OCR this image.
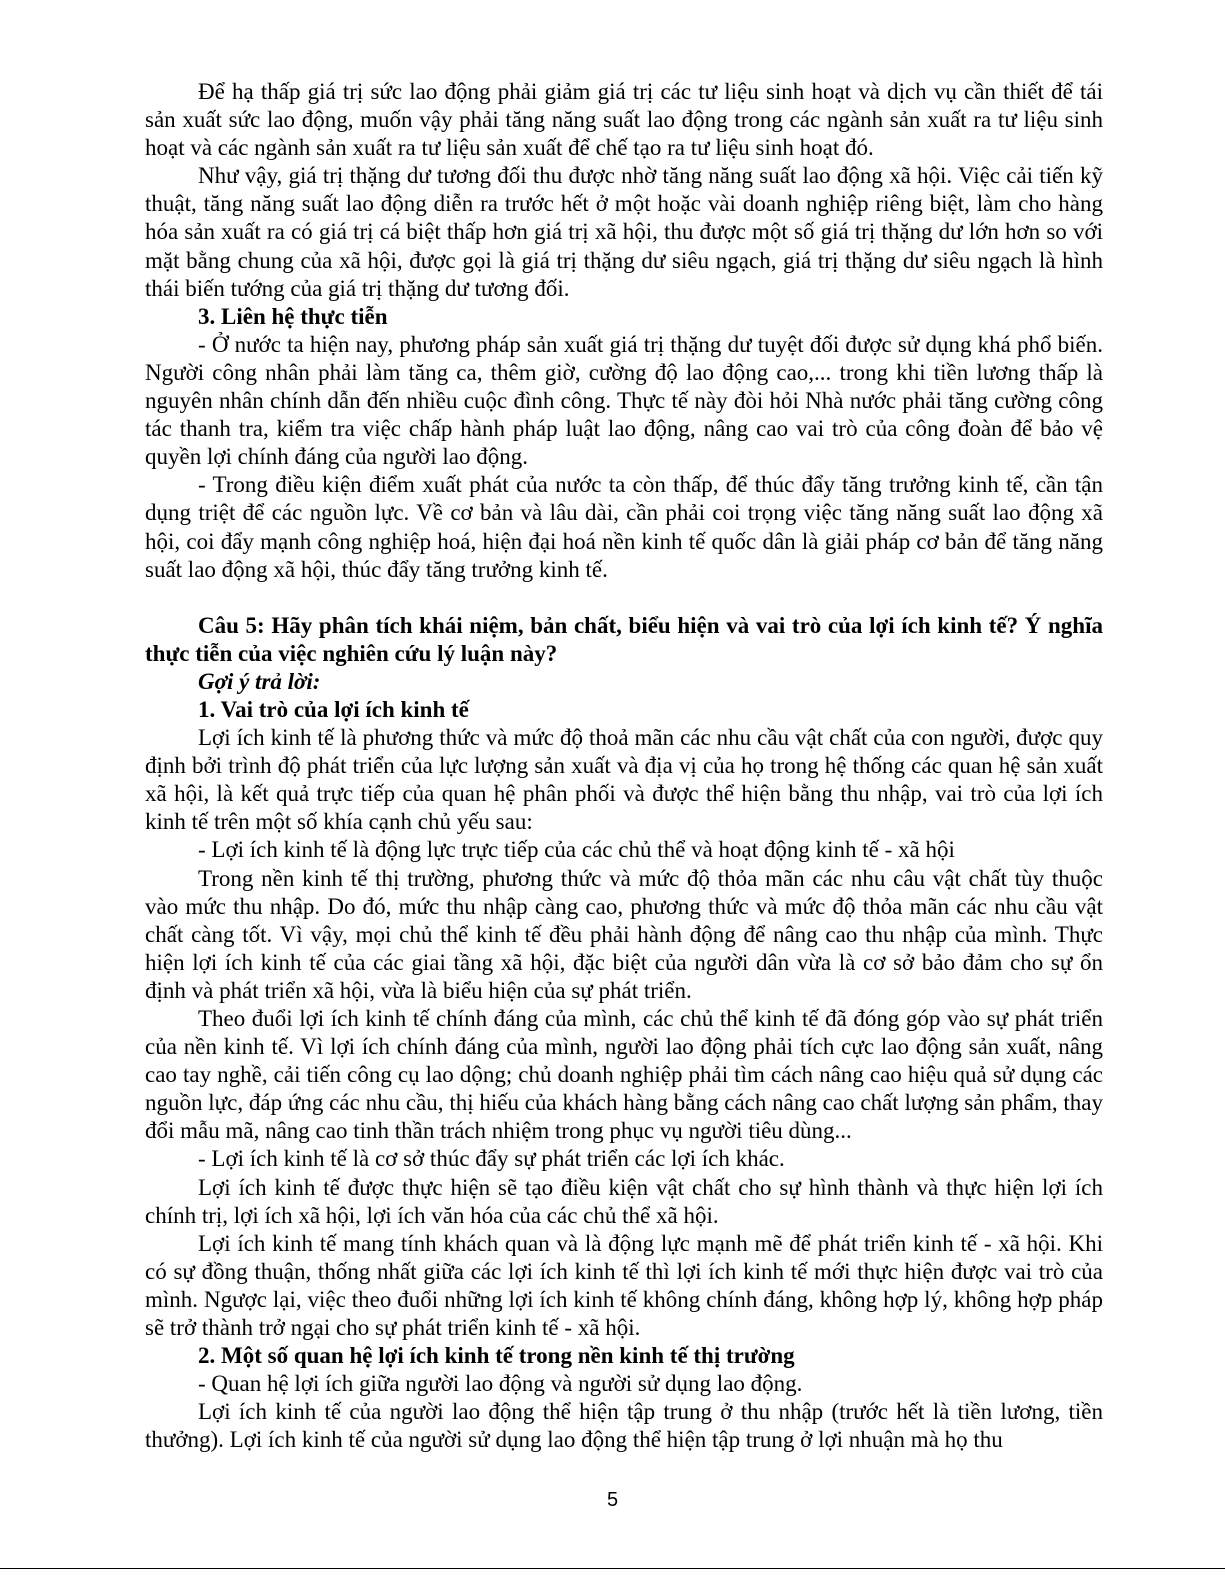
Để hạ thấp giá trị sức lao động phải giảm giá trị các tư liệu sinh hoạt và dịch vụ cần thiết để tái sản xuất sức lao động, muốn vậy phải tăng năng suất lao động trong các ngành sản xuất ra tư liệu sinh hoạt và các ngành sản xuất ra tư liệu sản xuất để chế tạo ra tư liệu sinh hoạt đó.

Như vậy, giá trị thặng dư tương đối thu được nhờ tăng năng suất lao động xã hội. Việc cải tiến kỹ thuật, tăng năng suất lao động diễn ra trước hết ở một hoặc vài doanh nghiệp riêng biệt, làm cho hàng hóa sản xuất ra có giá trị cá biệt thấp hơn giá trị xã hội, thu được một số giá trị thặng dư lớn hơn so với mặt bằng chung của xã hội, được gọi là giá trị thặng dư siêu ngạch, giá trị thặng dư siêu ngạch là hình thái biến tướng của giá trị thặng dư tương đối.

3. Liên hệ thực tiễn

- Ở nước ta hiện nay, phương pháp sản xuất giá trị thặng dư tuyệt đối được sử dụng khá phổ biến. Người công nhân phải làm tăng ca, thêm giờ, cường độ lao động cao,... trong khi tiền lương thấp là nguyên nhân chính dẫn đến nhiều cuộc đình công. Thực tế này đòi hỏi Nhà nước phải tăng cường công tác thanh tra, kiểm tra việc chấp hành pháp luật lao động, nâng cao vai trò của công đoàn để bảo vệ quyền lợi chính đáng của người lao động.

- Trong điều kiện điểm xuất phát của nước ta còn thấp, để thúc đẩy tăng trưởng kinh tế, cần tận dụng triệt để các nguồn lực. Về cơ bản và lâu dài, cần phải coi trọng việc tăng năng suất lao động xã hội, coi đẩy mạnh công nghiệp hoá, hiện đại hoá nền kinh tế quốc dân là giải pháp cơ bản để tăng năng suất lao động xã hội, thúc đẩy tăng trưởng kinh tế.

Câu 5: Hãy phân tích khái niệm, bản chất, biểu hiện và vai trò của lợi ích kinh tế? Ý nghĩa thực tiễn của việc nghiên cứu lý luận này?

Gợi ý trả lời:

1. Vai trò của lợi ích kinh tế

Lợi ích kinh tế là phương thức và mức độ thoả mãn các nhu cầu vật chất của con người, được quy định bởi trình độ phát triển của lực lượng sản xuất và địa vị của họ trong hệ thống các quan hệ sản xuất xã hội, là kết quả trực tiếp của quan hệ phân phối và được thể hiện bằng thu nhập, vai trò của lợi ích kinh tế trên một số khía cạnh chủ yếu sau:

- Lợi ích kinh tế là động lực trực tiếp của các chủ thể và hoạt động kinh tế - xã hội

Trong nền kinh tế thị trường, phương thức và mức độ thỏa mãn các nhu câu vật chất tùy thuộc vào mức thu nhập. Do đó, mức thu nhập càng cao, phương thức và mức độ thỏa mãn các nhu cầu vật chất càng tốt. Vì vậy, mọi chủ thể kinh tế đều phải hành động để nâng cao thu nhập của mình. Thực hiện lợi ích kinh tế của các giai tầng xã hội, đặc biệt của người dân vừa là cơ sở bảo đảm cho sự ổn định và phát triển xã hội, vừa là biểu hiện của sự phát triển.

Theo đuổi lợi ích kinh tế chính đáng của mình, các chủ thể kinh tế đã đóng góp vào sự phát triển của nền kinh tế. Vì lợi ích chính đáng của mình, người lao động phải tích cực lao động sản xuất, nâng cao tay nghề, cải tiến công cụ lao dộng; chủ doanh nghiệp phải tìm cách nâng cao hiệu quả sử dụng các nguồn lực, đáp ứng các nhu cầu, thị hiếu của khách hàng bằng cách nâng cao chất lượng sản phẩm, thay đổi mẫu mã, nâng cao tinh thần trách nhiệm trong phục vụ người tiêu dùng...

- Lợi ích kinh tế là cơ sở thúc đẩy sự phát triển các lợi ích khác.

Lợi ích kinh tế được thực hiện sẽ tạo điều kiện vật chất cho sự hình thành và thực hiện lợi ích chính trị, lợi ích xã hội, lợi ích văn hóa của các chủ thể xã hội.

Lợi ích kinh tế mang tính khách quan và là động lực mạnh mẽ để phát triển kinh tế - xã hội. Khi có sự đồng thuận, thống nhất giữa các lợi ích kinh tế thì lợi ích kinh tế mới thực hiện được vai trò của mình. Ngược lại, việc theo đuổi những lợi ích kinh tế không chính đáng, không hợp lý, không hợp pháp sẽ trở thành trở ngại cho sự phát triển kinh tế - xã hội.

2. Một số quan hệ lợi ích kinh tế trong nền kinh tế thị trường

- Quan hệ lợi ích giữa người lao động và người sử dụng lao động.

Lợi ích kinh tế của người lao động thể hiện tập trung ở thu nhập (trước hết là tiền lương, tiền thưởng). Lợi ích kinh tế của người sử dụng lao động thể hiện tập trung ở lợi nhuận mà họ thu

5
